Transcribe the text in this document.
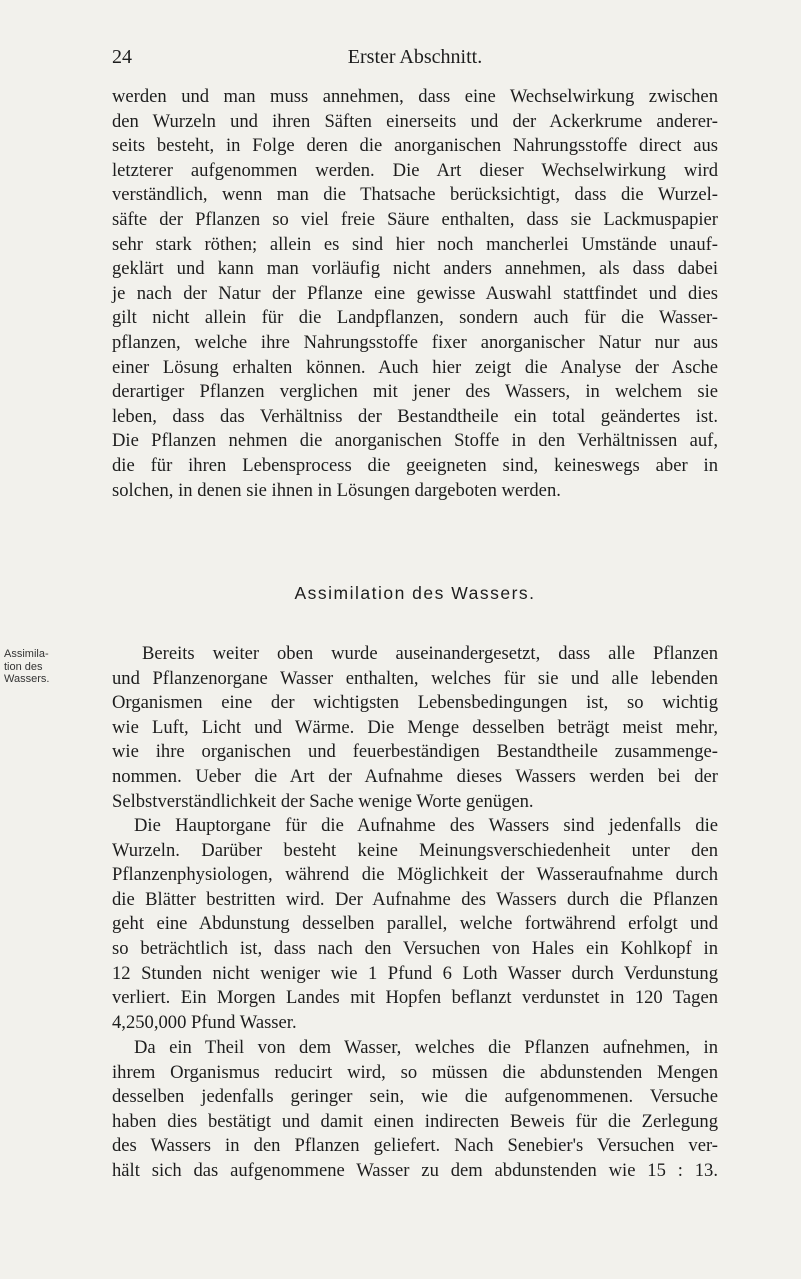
24	Erster Abschnitt.
werden und man muss annehmen, dass eine Wechselwirkung zwischen
den Wurzeln und ihren Säften einerseits und der Ackerkrume anderer-
seits besteht, in Folge deren die anorganischen Nahrungsstoffe direct aus
letzterer aufgenommen werden. Die Art dieser Wechselwirkung wird
verständlich, wenn man die Thatsache berücksichtigt, dass die Wurzel-
säfte der Pflanzen so viel freie Säure enthalten, dass sie Lackmuspapier
sehr stark röthen; allein es sind hier noch mancherlei Umstände unauf-
geklärt und kann man vorläufig nicht anders annehmen, als dass dabei
je nach der Natur der Pflanze eine gewisse Auswahl stattfindet und dies
gilt nicht allein für die Landpflanzen, sondern auch für die Wasser-
pflanzen, welche ihre Nahrungsstoffe fixer anorganischer Natur nur aus
einer Lösung erhalten können. Auch hier zeigt die Analyse der Asche
derartiger Pflanzen verglichen mit jener des Wassers, in welchem sie
leben, dass das Verhältniss der Bestandtheile ein total geändertes ist.
Die Pflanzen nehmen die anorganischen Stoffe in den Verhältnissen auf,
die für ihren Lebensprocess die geeigneten sind, keineswegs aber in
solchen, in denen sie ihnen in Lösungen dargeboten werden.
Assimilation des Wassers.
Assimila-
tion des
Wassers.
Bereits weiter oben wurde auseinandergesetzt, dass alle Pflanzen
und Pflanzenorgane Wasser enthalten, welches für sie und alle lebenden
Organismen eine der wichtigsten Lebensbedingungen ist, so wichtig
wie Luft, Licht und Wärme. Die Menge desselben beträgt meist mehr,
wie ihre organischen und feuerbeständigen Bestandtheile zusammenge-
nommen. Ueber die Art der Aufnahme dieses Wassers werden bei der
Selbstverständlichkeit der Sache wenige Worte genügen.
Die Hauptorgane für die Aufnahme des Wassers sind jedenfalls die
Wurzeln. Darüber besteht keine Meinungsverschiedenheit unter den
Pflanzenphysiologen, während die Möglichkeit der Wasseraufnahme durch
die Blätter bestritten wird. Der Aufnahme des Wassers durch die Pflanzen
geht eine Abdunstung desselben parallel, welche fortwährend erfolgt und
so beträchtlich ist, dass nach den Versuchen von Hales ein Kohlkopf in
12 Stunden nicht weniger wie 1 Pfund 6 Loth Wasser durch Verdunstung
verliert. Ein Morgen Landes mit Hopfen beflanzt verdunstet in 120 Tagen
4,250,000 Pfund Wasser.
Da ein Theil von dem Wasser, welches die Pflanzen aufnehmen, in
ihrem Organismus reducirt wird, so müssen die abdunstenden Mengen
desselben jedenfalls geringer sein, wie die aufgenommenen. Versuche
haben dies bestätigt und damit einen indirecten Beweis für die Zerlegung
des Wassers in den Pflanzen geliefert. Nach Senebier's Versuchen ver-
hält sich das aufgenommene Wasser zu dem abdunstenden wie 15 : 13.
